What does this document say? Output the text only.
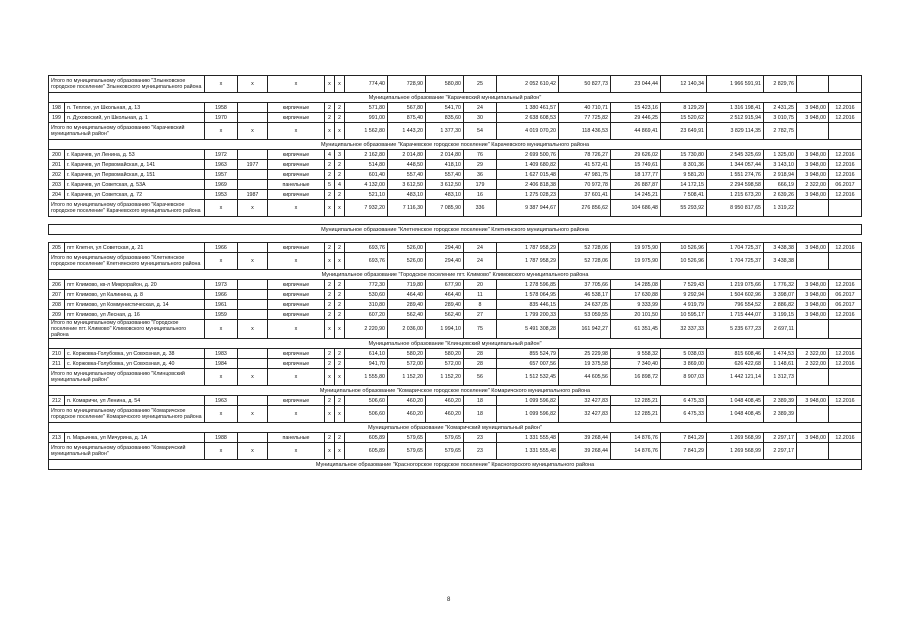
Итого по муниципальному образованию "Злынковское городское поселение" Злынковского муниципального района		x	x	x	x	x	774,40	728,90	580,80	25	2 052 610,42	50 827,73	23 044,44	12 140,34	1 966 591,91	2 829,76		
Муниципальное образование "Карачевский муниципальный район"																		
198	п. Теплое, ул Школьная, д. 13	1958		кирпичные	2	2	571,80	567,80	541,70	24	1 380 461,57	40 710,71	15 423,16	8 129,29	1 316 198,41	2 431,25	3 948,00	12.2016
199	п. Духовоский, ул Школьная, д. 1	1970		кирпичные	2	2	991,00	875,40	835,60	30	2 638 608,53	77 725,82	29 446,25	15 520,62	2 512 915,94	3 010,75	3 948,00	12.2016
Итого по муниципальному образованию "Карачевский муниципальный район"		x	x	x	x	x	1 562,80	1 443,20	1 377,30	54	4 019 070,20	118 436,53	44 869,41	23 649,91	3 829 114,35	2 782,75		
Муниципальное образование "Карачевское городское поселение" Карачевского муниципального района																		
200	г. Карачев, ул Ленина, д. 53	1972		кирпичные	4	3	2 162,80	2 014,80	2 014,80	76	2 699 500,76	78 726,27	29 626,02	15 730,80	2 545 325,69	1 325,00	3 948,00	12.2016
201	г. Карачев, ул Первомайская, д. 141	1963	1977	кирпичные	2	2	514,80	448,50	418,10	29	1 409 680,82	41 572,41	15 749,61	8 301,36	1 344 057,44	3 143,10	3 948,00	12.2016
202	г. Карачев, ул Первомайская, д. 151	1957		кирпичные	2	2	601,40	557,40	557,40	36	1 627 015,48	47 981,75	18 177,77	9 581,20	1 551 274,76	2 918,94	3 948,00	12.2016
203	г. Карачев, ул Советская, д. 53А	1969		панельные	5	4	4 132,00	3 612,50	3 612,50	179	2 406 818,38	70 972,78	26 887,87	14 172,15	2 294 598,58	666,19	2 322,00	06.2017
204	г. Карачев, ул Советская, д. 72	1953	1987	кирпичные	2	2	521,10	483,10	483,10	16	1 275 028,23	37 601,41	14 245,21	7 508,41	1 215 673,20	2 639,26	3 948,00	12.2016
Итого по муниципальному образованию "Карачевское городское поселение" Карачевского муниципального района		x	x	x	x	x	7 932,20	7 116,30	7 085,90	336	9 387 944,67	276 856,62	104 686,48	55 293,92	8 950 817,65	1 319,22		

Муниципальное образование "Клетнянское городское поселение" Клетнянского муниципального района																		

205	пгт Клетня, ул Советская, д. 21	1966		кирпичные	2	2	693,76	526,00	294,40	24	1 787 958,29	52 728,06	19 975,90	10 526,96	1 704 725,37	3 438,38	3 948,00	12.2016
Итого по муниципальному образованию "Клетнянское городское поселение" Клетнянского муниципального района		x	x	x	x	x	693,76	526,00	294,40	24	1 787 958,29	52 728,06	19 975,90	10 526,96	1 704 725,37	3 438,38		
Муниципальное образование "Городское поселение пгт. Климово" Климовского муниципального района																		
206	пгт Климово, кв-л Микрорайон, д. 20	1973		кирпичные	2	2	772,30	719,80	677,90	20	1 278 596,85	37 705,66	14 285,08	7 529,43	1 219 075,66	1 776,32	3 948,00	12.2016
207	пгт Климово, ул Калинина, д. 8	1966		кирпичные	2	2	530,60	464,40	464,40	11	1 578 064,95	46 538,17	17 630,88	9 292,94	1 504 602,96	3 398,07	3 948,00	06.2017
208	пгт Климово, ул Коммунистическая, д. 14	1961		кирпичные	2	2	310,80	289,40	289,40	8	835 446,15	24 637,05	9 333,99	4 919,79	796 554,52	2 886,82	3 948,00	06.2017
209	пгт Климово, ул Лесная, д. 16	1959		кирпичные	2	2	607,20	562,40	562,40	27	1 799 200,33	53 059,55	20 101,50	10 595,17	1 715 444,07	3 199,15	3 948,00	12.2016
Итого по муниципальному образованию "Городское поселение пгт. Климово" Климовского муниципального района		x	x	x	x	x	2 220,90	2 036,00	1 994,10	75	5 491 308,28	161 942,27	61 351,45	32 337,33	5 235 677,23	2 697,11		
Муниципальное образование "Клинцовский муниципальный район"																		
210	с. Коржовка-Голубовка, ул Совхозная, д. 38	1983		кирпичные	2	2	614,10	580,20	580,20	28	855 524,79	25 229,98	9 558,32	5 038,03	815 608,46	1 474,53	2 322,00	12.2016
211	с. Коржовка-Голубовка, ул Совхозная, д. 40	1984		кирпичные	2	2	941,70	572,00	572,00	28	657 007,56	19 375,58	7 340,40	3 869,00	626 422,68	1 148,61	2 322,00	12.2016
Итого по муниципальному образованию "Клинцовский муниципальный район"		x	x	x	x	x	1 555,80	1 152,20	1 152,20	56	1 512 532,45	44 605,56	16 898,72	8 907,03	1 442 121,14	1 312,73		
Муниципальное образование "Комаричское городское поселение" Комаричского муниципального района																		
212	п. Комаричи, ул Ленина, д. 54	1963		кирпичные	2	2	506,60	460,20	460,20	18	1 099 596,82	32 427,83	12 285,21	6 475,33	1 048 408,45	2 389,39	3 948,00	12.2016
Итого по муниципальному образованию "Комаричское городское поселение" Комаричского муниципального района		x	x	x	x	x	506,60	460,20	460,20	18	1 099 596,82	32 427,83	12 285,21	6 475,33	1 048 408,45	2 389,39		
Муниципальное образование "Комаричский муниципальный район"																		
213	п. Марьинка, ул Мичурина, д. 1А	1988		панельные	2	2	605,89	579,65	579,65	23	1 331 555,48	39 268,44	14 876,76	7 841,29	1 269 568,99	2 297,17	3 948,00	12.2016
Итого по муниципальному образованию "Комаричский муниципальный район"		x	x	x	x	x	605,89	579,65	579,65	23	1 331 555,48	39 268,44	14 876,76	7 841,29	1 269 568,99	2 297,17		
Муниципальное образование "Красногорское городское поселение" Красногорского муниципального района																		
8
